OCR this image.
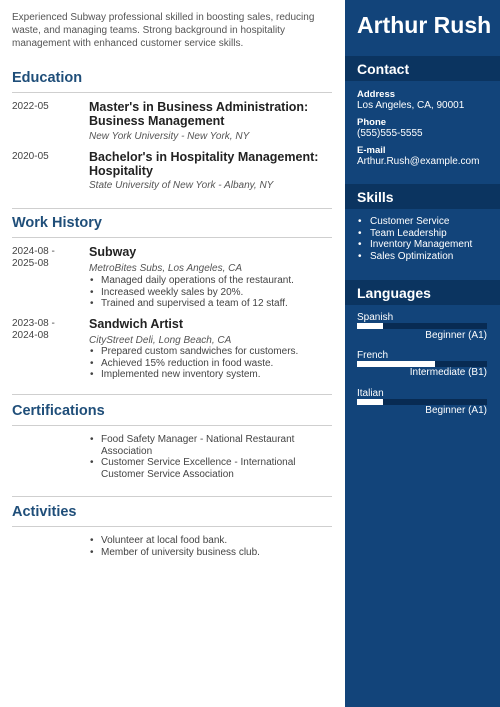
Experienced Subway professional skilled in boosting sales, reducing waste, and managing teams. Strong background in hospitality management with enhanced customer service skills.

Education
2022-05	Master's in Business Administration: Business Management
New York University - New York, NY
2020-05	Bachelor's in Hospitality Management: Hospitality
State University of New York - Albany, NY
Work History
2024-08 -
2025-08
Subway
MetroBites Subs, Los Angeles, CA
• Managed daily operations of the restaurant.
• Increased weekly sales by 20%.
• Trained and supervised a team of 12 staff.
2023-08 -
2024-08
Sandwich Artist
CityStreet Deli, Long Beach, CA
• Prepared custom sandwiches for customers.
• Achieved 15% reduction in food waste.
• Implemented new inventory system.
Certifications
• Food Safety Manager - National Restaurant Association
• Customer Service Excellence - International Customer Service Association
Activities
• Volunteer at local food bank.
• Member of university business club.
Arthur Rush
Contact
Address
Los Angeles, CA, 90001
Phone
(555)555-5555
E-mail
Arthur.Rush@example.com
Skills
• Customer Service
• Team Leadership
• Inventory Management
• Sales Optimization
Languages
Spanish
Beginner (A1)
French
Intermediate (B1)
Italian
Beginner (A1)
